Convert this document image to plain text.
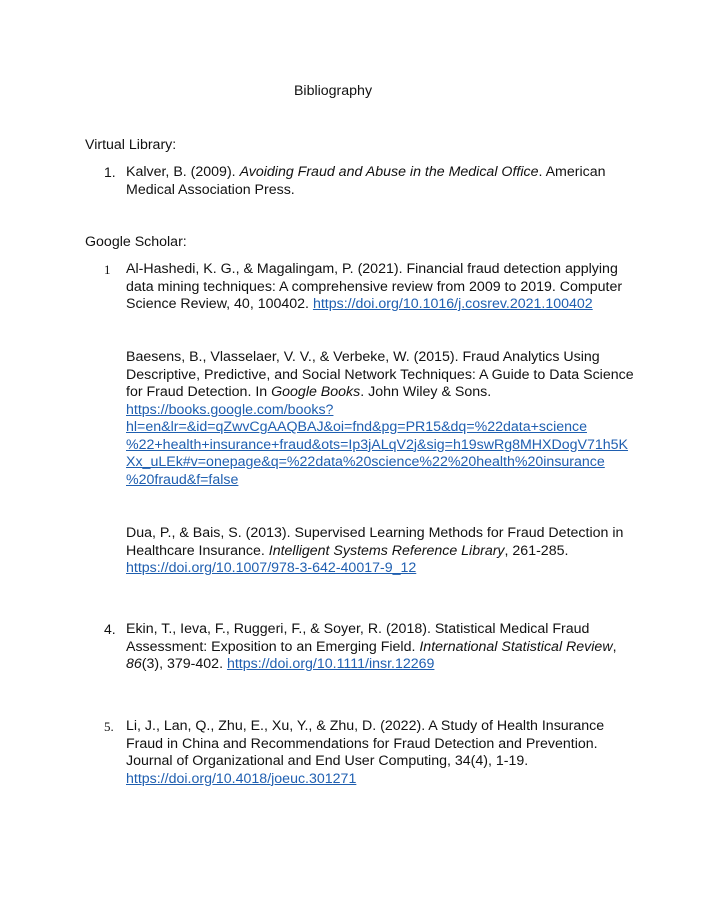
Bibliography
Virtual Library:
1. Kalver, B. (2009). Avoiding Fraud and Abuse in the Medical Office. American
Medical Association Press.
Google Scholar:
1 Al-Hashedi, K. G., & Magalingam, P. (2021). Financial fraud detection applying
data mining techniques: A comprehensive review from 2009 to 2019. Computer
Science Review, 40, 100402. https://doi.org/10.1016/j.cosrev.2021.100402
Baesens, B., Vlasselaer, V. V., & Verbeke, W. (2015). Fraud Analytics Using
Descriptive, Predictive, and Social Network Techniques: A Guide to Data Science
for Fraud Detection. In Google Books. John Wiley & Sons.
https://books.google.com/books?
hl=en&lr=&id=qZwvCgAAQBAJ&oi=fnd&pg=PR15&dq=%22data+science
%22+health+insurance+fraud&ots=Ip3jALqV2j&sig=h19swRg8MHXDogV71h5K
Xx_uLEk#v=onepage&q=%22data%20science%22%20health%20insurance
%20fraud&f=false
Dua, P., & Bais, S. (2013). Supervised Learning Methods for Fraud Detection in
Healthcare Insurance. Intelligent Systems Reference Library, 261-285.
https://doi.org/10.1007/978-3-642-40017-9_12
4. Ekin, T., Ieva, F., Ruggeri, F., & Soyer, R. (2018). Statistical Medical Fraud
Assessment: Exposition to an Emerging Field. International Statistical Review,
86(3), 379-402. https://doi.org/10.1111/insr.12269
5. Li, J., Lan, Q., Zhu, E., Xu, Y., & Zhu, D. (2022). A Study of Health Insurance
Fraud in China and Recommendations for Fraud Detection and Prevention.
Journal of Organizational and End User Computing, 34(4), 1-19.
https://doi.org/10.4018/joeuc.301271
